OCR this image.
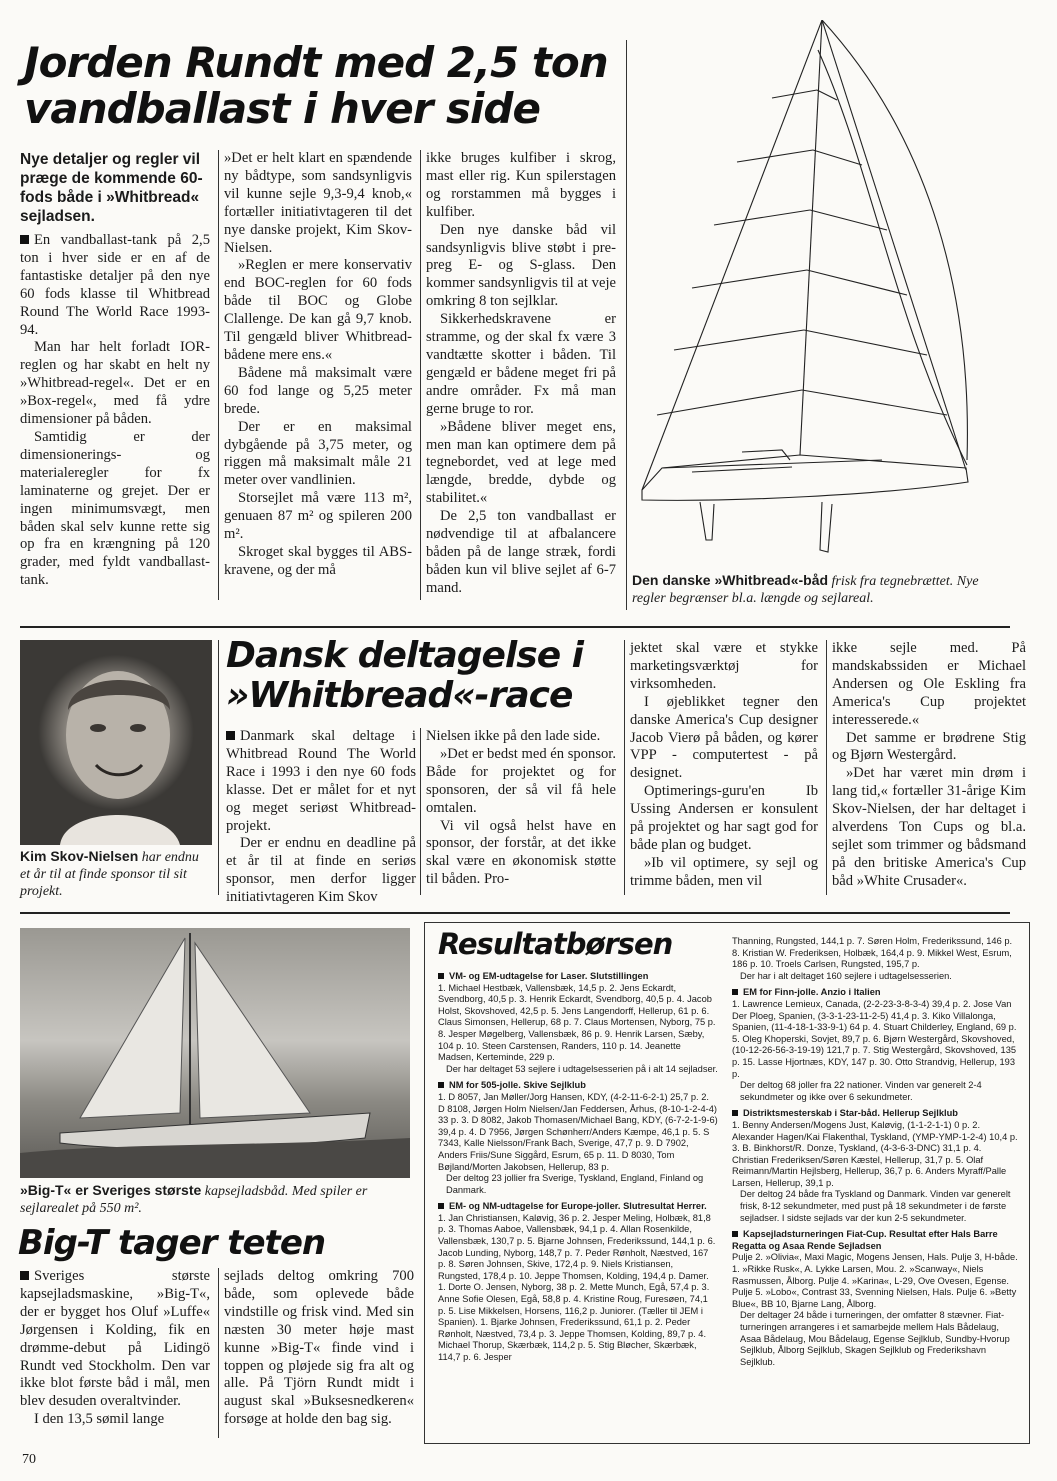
Jorden Rundt med 2,5 ton
vandballast i hver side

Nye detaljer og regler vil præge de kommende 60-fods både i »Whitbread« sejladsen.

En vandballast-tank på 2,5 ton i hver side er en af de fantastiske detaljer på den nye 60 fods klasse til Whitbread Round The World Race 1993-94.

Man har helt forladt IOR-reglen og har skabt en helt ny »Whitbread-regel«. Det er en »Box-regel«, med få ydre dimensioner på båden.

Samtidig er der dimensionerings- og materialeregler for fx laminaterne og grejet. Der er ingen minimumsvægt, men båden skal selv kunne rette sig op fra en krængning på 120 grader, med fyldt vandballast-tank.

»Det er helt klart en spændende ny bådtype, som sandsynligvis vil kunne sejle 9,3-9,4 knob,« fortæller initiativtageren til det nye danske projekt, Kim Skov-Nielsen.

»Reglen er mere konservativ end BOC-reglen for 60 fods både til BOC og Globe Clallenge. De kan gå 9,7 knob. Til gengæld bliver Whitbread-bådene mere ens.«

Bådene må maksimalt være 60 fod lange og 5,25 meter brede.

Der er en maksimal dybgående på 3,75 meter, og riggen må maksimalt måle 21 meter over vandlinien.

Storsejlet må være 113 m², genuaen 87 m² og spileren 200 m².

Skroget skal bygges til ABS-kravene, og der må

ikke bruges kulfiber i skrog, mast eller rig. Kun spilerstagen og rorstammen må bygges i kulfiber.

Den nye danske båd vil sandsynligvis blive støbt i pre-preg E- og S-glass. Den kommer sandsynligvis til at veje omkring 8 ton sejlklar.

Sikkerhedskravene er stramme, og der skal fx være 3 vandtætte skotter i båden. Til gengæld er bådene meget fri på andre områder. Fx må man gerne bruge to ror.

»Bådene bliver meget ens, men man kan optimere dem på tegnebordet, ved at lege med længde, bredde, dybde og stabilitet.«

De 2,5 ton vandballast er nødvendige til at afbalancere båden på de lange stræk, fordi båden kun vil blive sejlet af 6-7 mand.	Den danske »Whitbread«-båd frisk fra tegnebrættet. Nye regler begrænser bl.a. længde og sejlareal.
Kim Skov-Nielsen har endnu et år til at finde sponsor til sit projekt.
Dansk deltagelse i
»Whitbread«-race

Danmark skal deltage i Whitbread Round The World Race i 1993 i den nye 60 fods klasse. Det er målet for et nyt og meget seriøst Whitbread-projekt.

Der er endnu en deadline på et år til at finde en seriøs sponsor, men derfor ligger initiativtageren Kim Skov

Nielsen ikke på den lade side.

»Det er bedst med én sponsor. Både for projektet og for sponsoren, der så vil få hele omtalen.

Vi vil også helst have en sponsor, der forstår, at det ikke skal være en økonomisk støtte til båden. Pro-

jektet skal være et stykke marketingsværktøj for virksomheden.

I øjeblikket tegner den danske America's Cup designer Jacob Vierø på båden, og kører VPP - computertest - på designet.

Optimerings-guru'en Ib Ussing Andersen er konsulent på projektet og har sagt god for både plan og budget.

»Ib vil optimere, sy sejl og trimme båden, men vil

ikke sejle med. På mandskabssiden er Michael Andersen og Ole Eskling fra America's Cup projektet interesserede.«

Det samme er brødrene Stig og Bjørn Westergård.

»Det har været min drøm i lang tid,« fortæller 31-årige Kim Skov-Nielsen, der har deltaget i alverdens Ton Cups og bl.a. sejlet som trimmer og bådsmand på den britiske America's Cup båd »White Crusader«.

»Big-T« er Sveriges største kapsejladsbåd. Med spiler er sejlarealet på 550 m².
Big-T tager teten

Sveriges største kapsejladsmaskine, »Big-T«, der er bygget hos Oluf »Luffe« Jørgensen i Kolding, fik en drømme-debut på Lidingö Rundt ved Stockholm. Den var ikke blot første båd i mål, men blev desuden overaltvinder.

I den 13,5 sømil lange

sejlads deltog omkring 700 både, som oplevede både vindstille og frisk vind. Med sin næsten 30 meter høje mast kunne »Big-T« finde vind i toppen og pløjede sig fra alt og alle. På Tjörn Rundt midt i august skal »Buksesnedkeren« forsøge at holde den bag sig.

Resultatbørsen

VM- og EM-udtagelse for Laser. Slutstillingen

1. Michael Hestbæk, Vallensbæk, 14,5 p. 2. Jens Eckardt, Svendborg, 40,5 p. 3. Henrik Eckardt, Svendborg, 40,5 p. 4. Jacob Holst, Skovshoved, 42,5 p. 5. Jens Langendorff, Hellerup, 61 p. 6. Claus Simonsen, Hellerup, 68 p. 7. Claus Mortensen, Nyborg, 75 p. 8. Jesper Møgelberg, Vallensbæk, 86 p. 9. Henrik Larsen, Sæby, 104 p. 10. Steen Carstensen, Randers, 110 p. 14. Jeanette Madsen, Kerteminde, 229 p.

Der har deltaget 53 sejlere i udtagelsesserien på i alt 14 sejladser.

NM for 505-jolle. Skive Sejlklub

1. D 8057, Jan Møller/Jorg Hansen, KDY, (4-2-11-6-2-1) 25,7 p. 2. D 8108, Jørgen Holm Nielsen/Jan Feddersen, Århus, (8-10-1-2-4-4) 33 p. 3. D 8082, Jakob Thomasen/Michael Bang, KDY, (6-7-2-1-9-6) 39,4 p. 4. D 7956, Jørgen Schønherr/Anders Kæmpe, 46,1 p. 5. S 7343, Kalle Nielsson/Frank Bach, Sverige, 47,7 p. 9. D 7902, Anders Friis/Sune Siggård, Esrum, 65 p. 11. D 8030, Tom Bøjland/Morten Jakobsen, Hellerup, 83 p.

Der deltog 23 jollier fra Sverige, Tyskland, England, Finland og Danmark.

EM- og NM-udtagelse for Europe-joller. Slutresultat Herrer.

1. Jan Christiansen, Kaløvig, 36 p. 2. Jesper Meling, Holbæk, 81,8 p. 3. Thomas Aaboe, Vallensbæk, 94,1 p. 4. Allan Rosenkilde, Vallensbæk, 130,7 p. 5. Bjarne Johnsen, Frederikssund, 144,1 p. 6. Jacob Lunding, Nyborg, 148,7 p. 7. Peder Rønholt, Næstved, 167 p. 8. Søren Johnsen, Skive, 172,4 p. 9. Niels Kristiansen, Rungsted, 178,4 p. 10. Jeppe Thomsen, Kolding, 194,4 p. Damer. 1. Dorte O. Jensen, Nyborg, 38 p. 2. Mette Munch, Egå, 57,4 p. 3. Anne Sofie Olesen, Egå, 58,8 p. 4. Kristine Roug, Furesøen, 74,1 p. 5. Lise Mikkelsen, Horsens, 116,2 p. Juniorer. (Tæller til JEM i Spanien). 1. Bjarke Johnsen, Frederikssund, 61,1 p. 2. Peder Rønholt, Næstved, 73,4 p. 3. Jeppe Thomsen, Kolding, 89,7 p. 4. Michael Thorup, Skærbæk, 114,2 p. 5. Stig Bløcher, Skærbæk, 114,7 p. 6. Jesper

Thanning, Rungsted, 144,1 p. 7. Søren Holm, Frederikssund, 146 p. 8. Kristian W. Frederiksen, Holbæk, 164,4 p. 9. Mikkel West, Esrum, 186 p. 10. Troels Carlsen, Rungsted, 195,7 p.

Der har i alt deltaget 160 sejlere i udtagelsesserien.

EM for Finn-jolle. Anzio i Italien

1. Lawrence Lemieux, Canada, (2-2-23-3-8-3-4) 39,4 p. 2. Jose Van Der Ploeg, Spanien, (3-3-1-23-11-2-5) 41,4 p. 3. Kiko Villalonga, Spanien, (11-4-18-1-33-9-1) 64 p. 4. Stuart Childerley, England, 69 p. 5. Oleg Khoperski, Sovjet, 89,7 p. 6. Bjørn Westergård, Skovshoved, (10-12-26-56-3-19-19) 121,7 p. 7. Stig Westergård, Skovshoved, 135 p. 15. Lasse Hjortnæs, KDY, 147 p. 30. Otto Strandvig, Hellerup, 193 p.

Der deltog 68 joller fra 22 nationer. Vinden var generelt 2-4 sekundmeter og ikke over 6 sekundmeter.

Distriktsmesterskab i Star-båd. Hellerup Sejlklub

1. Benny Andersen/Mogens Just, Kaløvig, (1-1-2-1-1) 0 p. 2. Alexander Hagen/Kai Flakenthal, Tyskland, (YMP-YMP-1-2-4) 10,4 p. 3. B. Binkhorst/R. Donze, Tyskland, (4-3-6-3-DNC) 31,1 p. 4. Christian Frederiksen/Søren Kæstel, Hellerup, 31,7 p. 5. Olaf Reimann/Martin Hejlsberg, Hellerup, 36,7 p. 6. Anders Myraff/Palle Larsen, Hellerup, 39,1 p.

Der deltog 24 både fra Tyskland og Danmark. Vinden var generelt frisk, 8-12 sekundmeter, med pust på 18 sekundmeter i de første sejladser. I sidste sejlads var der kun 2-5 sekundmeter.

Kapsejladsturneringen Fiat-Cup. Resultat efter Hals Barre Regatta og Asaa Rende Sejladsen

Pulje 2. »Olivia«, Maxi Magic, Mogens Jensen, Hals. Pulje 3, H-både. 1. »Rikke Rusk«, A. Lykke Larsen, Mou. 2. »Scanway«, Niels Rasmussen, Ålborg. Pulje 4. »Karina«, L-29, Ove Ovesen, Egense. Pulje 5. »Lobo«, Contrast 33, Svenning Nielsen, Hals. Pulje 6. »Betty Blue«, BB 10, Bjarne Lang, Ålborg.

Der deltager 24 både i turneringen, der omfatter 8 stævner. Fiat-turneringen arrangeres i et samarbejde mellem Hals Bådelaug, Asaa Bådelaug, Mou Bådelaug, Egense Sejlklub, Sundby-Hvorup Sejlklub, Ålborg Sejlklub, Skagen Sejlklub og Frederikshavn Sejlklub.

70
